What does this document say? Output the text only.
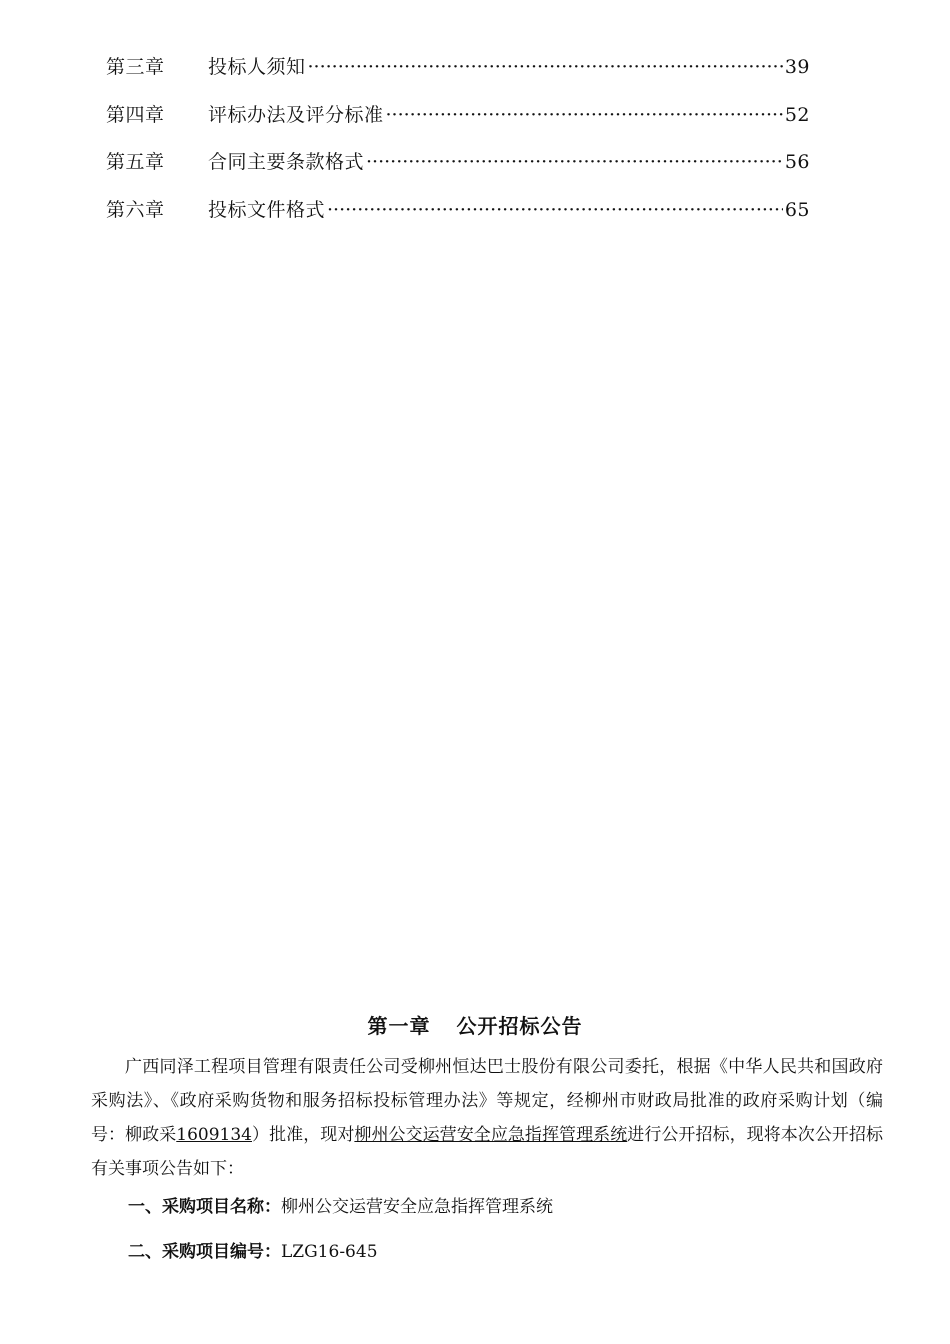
第三章	投标人须知 ·····	39
第四章	评标办法及评分标准 ·····	52
第五章	合同主要条款格式 ·····	56
第六章	投标文件格式 ·····	65
第一章 公开招标公告

广西同泽工程项目管理有限责任公司受柳州恒达巴士股份有限公司委托，根据《中华人民共和国政府采购法》、《政府采购货物和服务招标投标管理办法》等规定，经柳州市财政局批准的政府采购计划（编号：柳政采1609134）批准，现对柳州公交运营安全应急指挥管理系统进行公开招标，现将本次公开招标有关事项公告如下：

一、采购项目名称：柳州公交运营安全应急指挥管理系统
二、采购项目编号：LZG16-645
